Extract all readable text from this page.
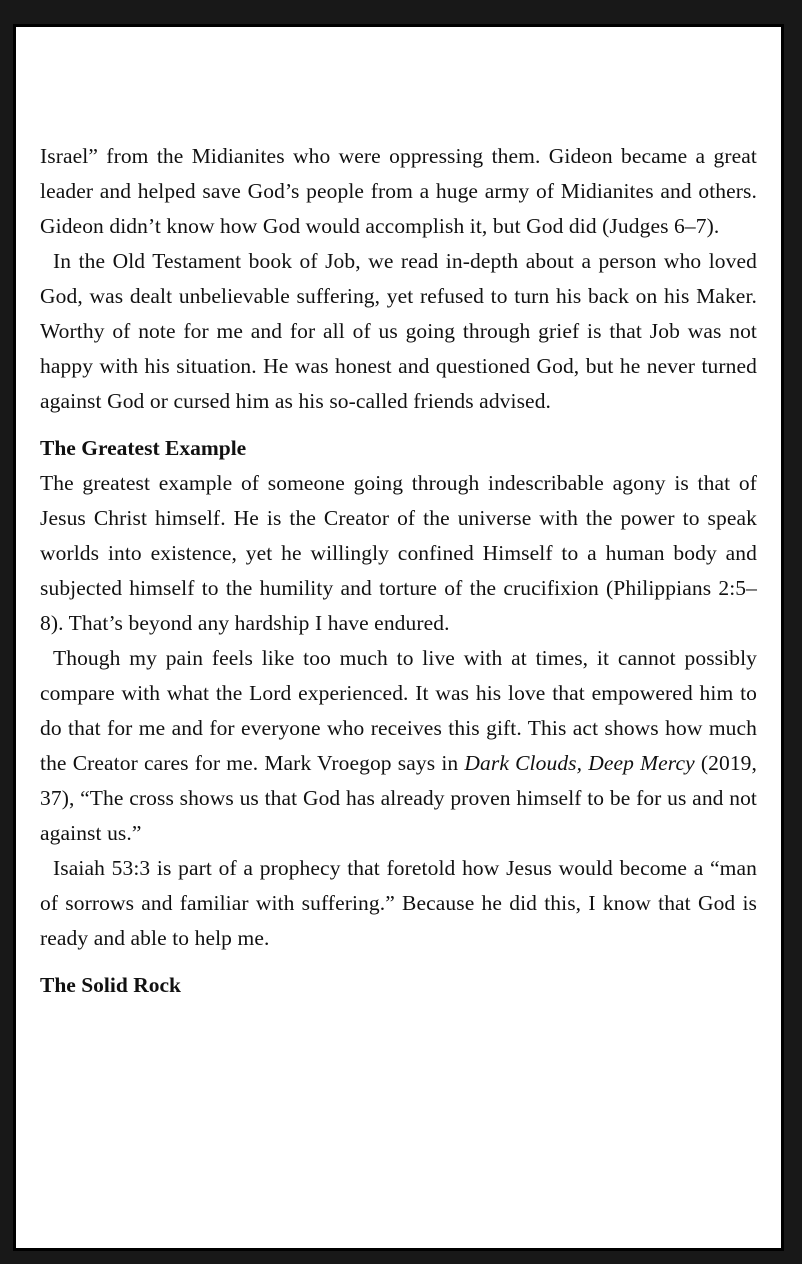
Israel” from the Midianites who were oppressing them. Gideon became a great leader and helped save God’s people from a huge army of Midianites and others. Gideon didn’t know how God would accomplish it, but God did (Judges 6–7).

In the Old Testament book of Job, we read in-depth about a person who loved God, was dealt unbelievable suffering, yet refused to turn his back on his Maker. Worthy of note for me and for all of us going through grief is that Job was not happy with his situation. He was honest and questioned God, but he never turned against God or cursed him as his so-called friends advised.

The Greatest Example

The greatest example of someone going through indescribable agony is that of Jesus Christ himself. He is the Creator of the universe with the power to speak worlds into existence, yet he willingly confined Himself to a human body and subjected himself to the humility and torture of the crucifixion (Philippians 2:5–8). That’s beyond any hardship I have endured.

Though my pain feels like too much to live with at times, it cannot possibly compare with what the Lord experienced. It was his love that empowered him to do that for me and for everyone who receives this gift. This act shows how much the Creator cares for me. Mark Vroegop says in Dark Clouds, Deep Mercy (2019, 37), “The cross shows us that God has already proven himself to be for us and not against us.”

Isaiah 53:3 is part of a prophecy that foretold how Jesus would become a “man of sorrows and familiar with suffering.” Because he did this, I know that God is ready and able to help me.

The Solid Rock
